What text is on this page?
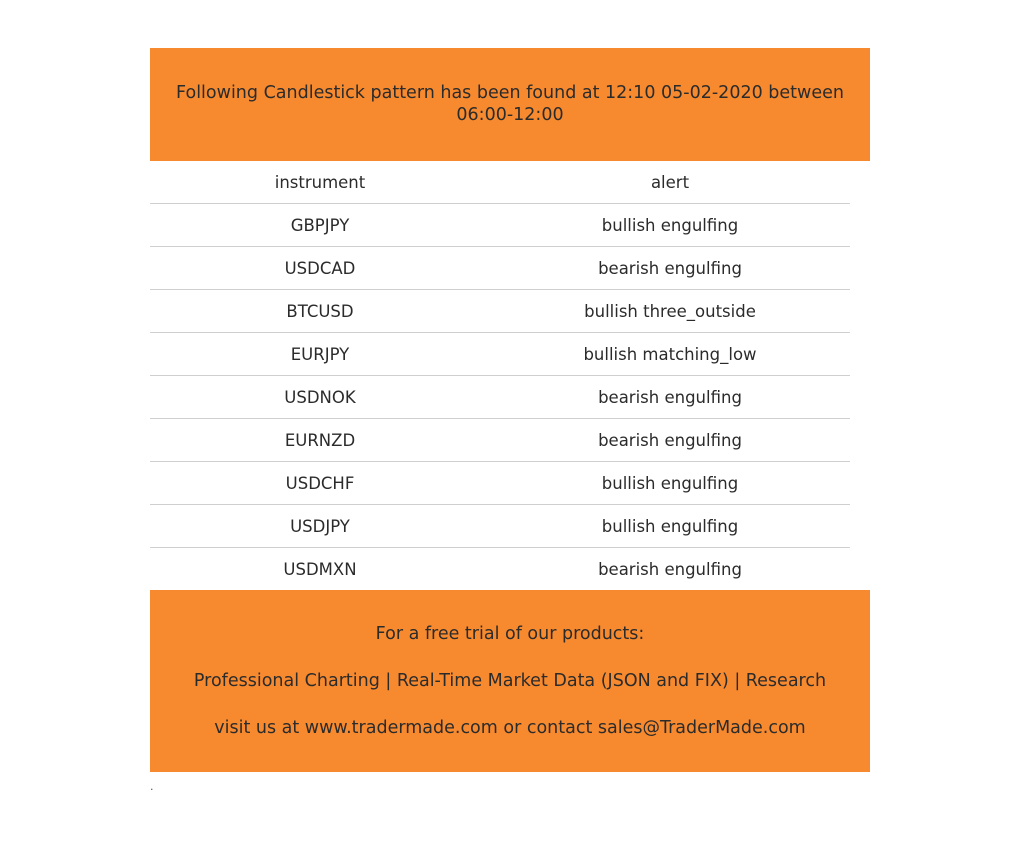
Following Candlestick pattern has been found at 12:10 05-02-2020 between 06:00-12:00
instrument	alert
GBPJPY	bullish engulfing
USDCAD	bearish engulfing
BTCUSD	bullish three_outside
EURJPY	bullish matching_low
USDNOK	bearish engulfing
EURNZD	bearish engulfing
USDCHF	bullish engulfing
USDJPY	bullish engulfing
USDMXN	bearish engulfing

For a free trial of our products:

Professional Charting | Real-Time Market Data (JSON and FIX) | Research

visit us at www.tradermade.com or contact sales@TraderMade.com

.
